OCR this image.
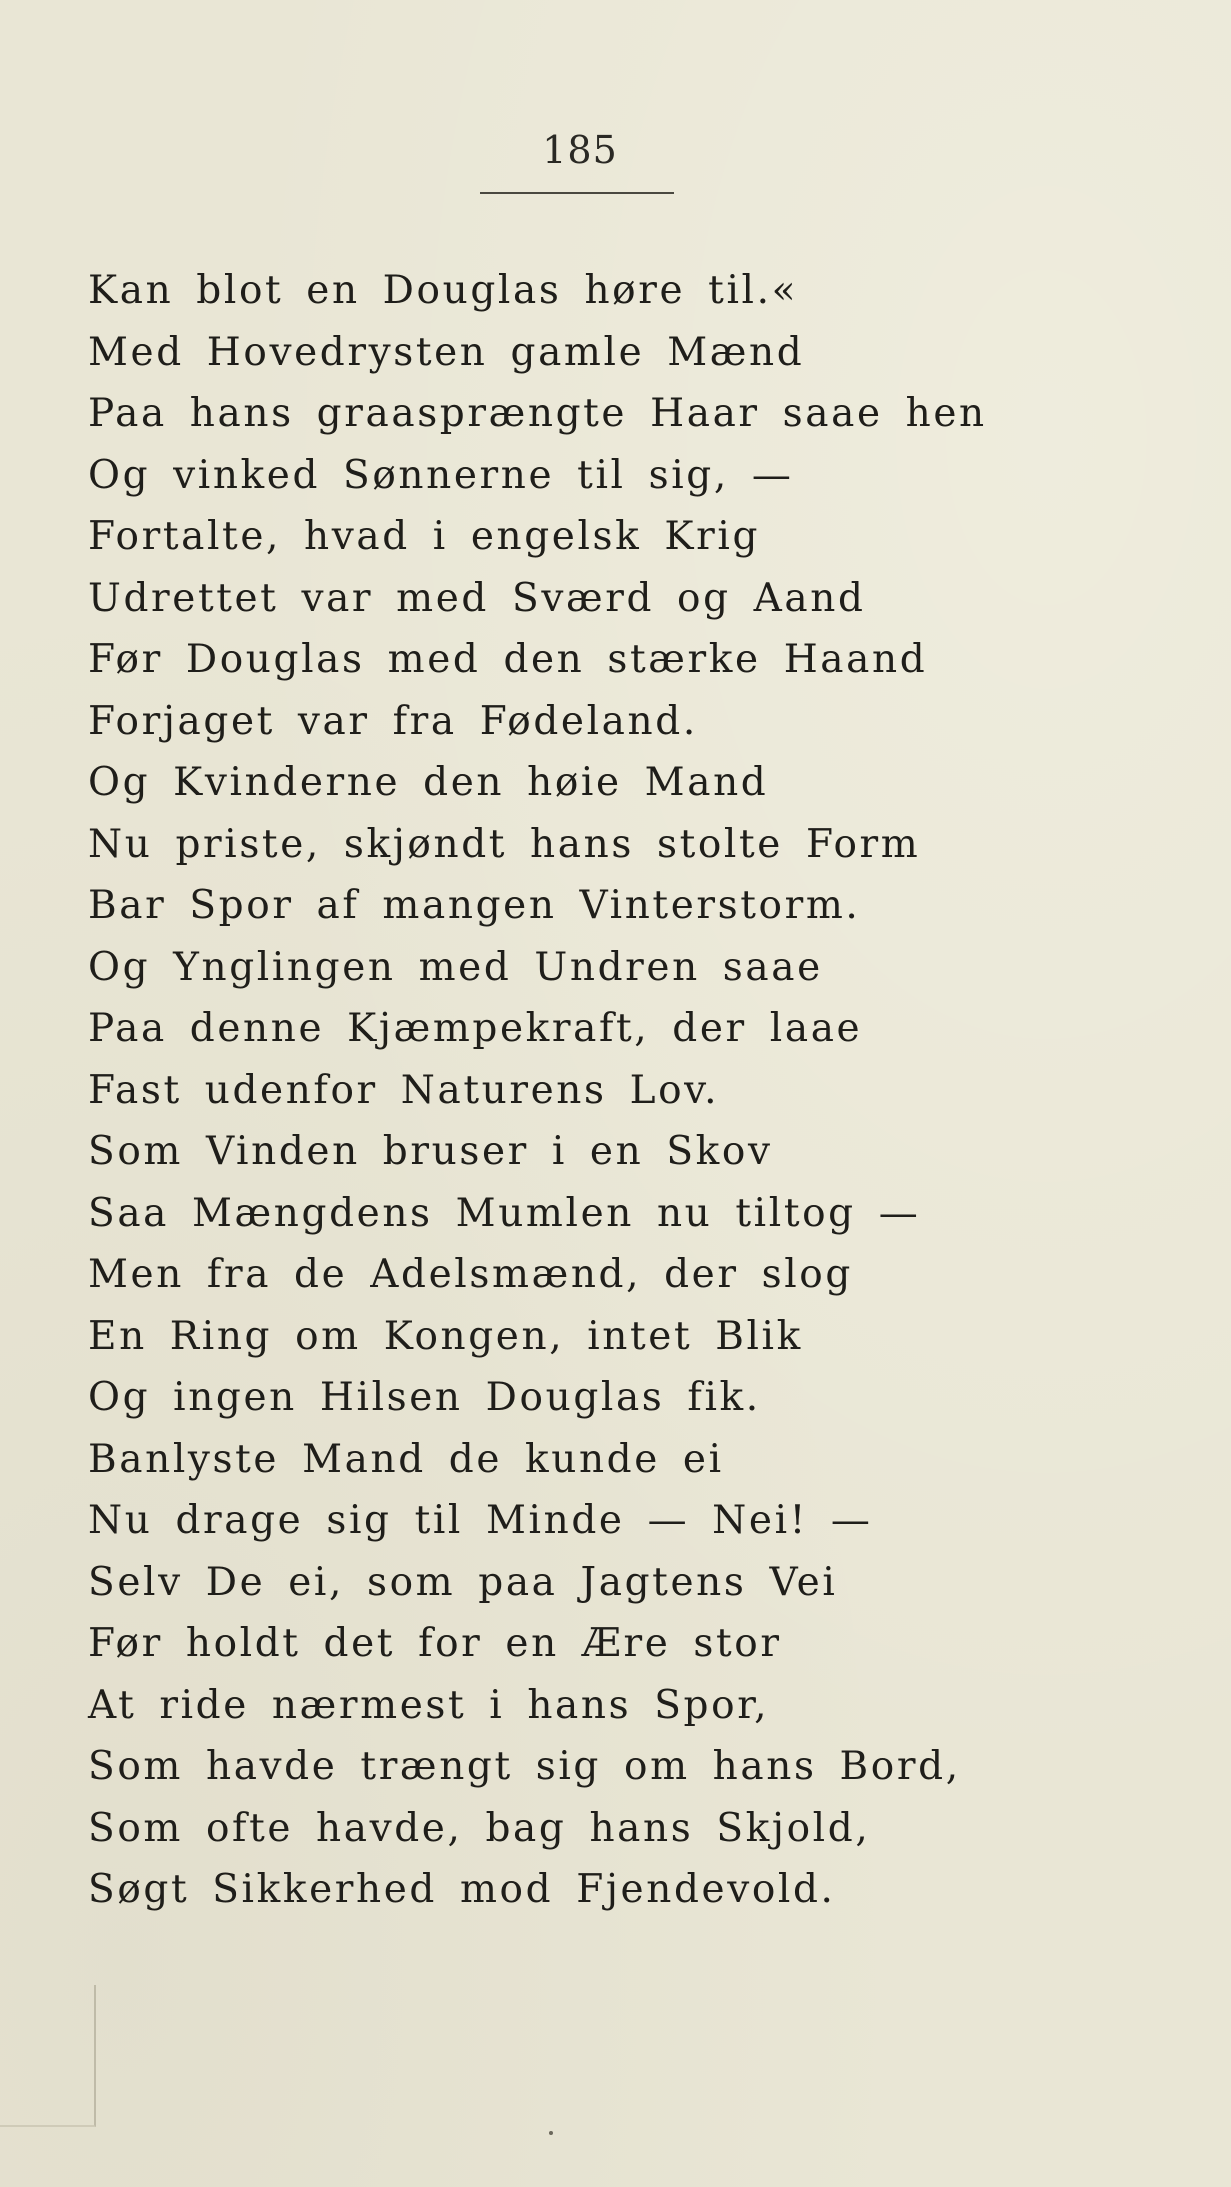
185
Kan blot en Douglas høre til.«
Med Hovedrysten gamle Mænd
Paa hans graasprængte Haar saae hen
Og vinked Sønnerne til sig, —
Fortalte, hvad i engelsk Krig
Udrettet var med Sværd og Aand
Før Douglas med den stærke Haand
Forjaget var fra Fødeland.
Og Kvinderne den høie Mand
Nu priste, skjøndt hans stolte Form
Bar Spor af mangen Vinterstorm.
Og Ynglingen med Undren saae
Paa denne Kjæmpekraft, der laae
Fast udenfor Naturens Lov.
Som Vinden bruser i en Skov
Saa Mængdens Mumlen nu tiltog —
Men fra de Adelsmænd, der slog
En Ring om Kongen, intet Blik
Og ingen Hilsen Douglas fik.
Banlyste Mand de kunde ei
Nu drage sig til Minde — Nei! —
Selv De ei, som paa Jagtens Vei
Før holdt det for en Ære stor
At ride nærmest i hans Spor,
Som havde trængt sig om hans Bord,
Som ofte havde, bag hans Skjold,
Søgt Sikkerhed mod Fjendevold.
